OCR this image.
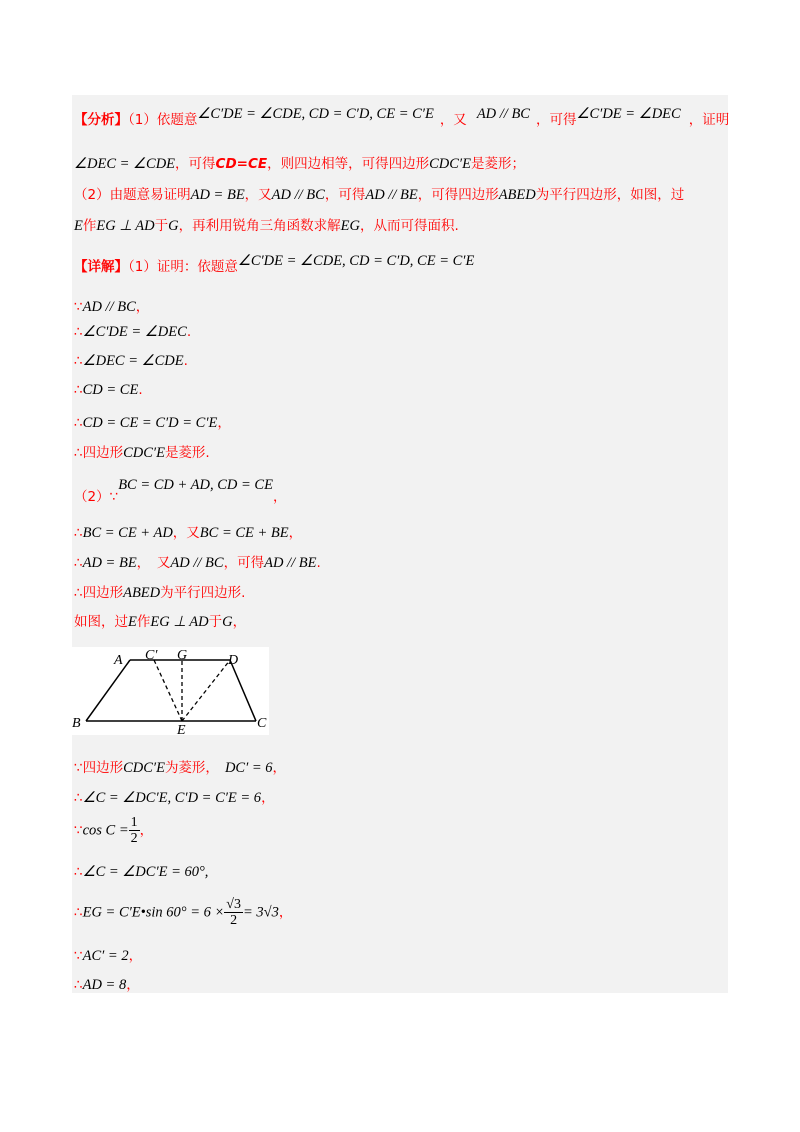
【分析】（1）依题意∠C′DE = ∠CDE, CD = C′D, CE = C′E ，又 AD // BC ，可得∠C′DE = ∠DEC ，证明
∠DEC = ∠CDE，可得CD=CE，则四边相等，可得四边形CDC′E是菱形；
（2）由题意易证明AD = BE，又AD // BC，可得AD // BE，可得四边形ABED为平行四边形，如图，过
E作EG ⊥ AD于G，再利用锐角三角函数求解EG，从而可得面积.
【详解】（1）证明：依题意∠C′DE = ∠CDE, CD = C′D, CE = C′E
∵AD // BC，
∴∠C′DE = ∠DEC.
∴∠DEC = ∠CDE.
∴CD = CE.
∴CD = CE = C′D = C′E，
∴四边形CDC′E是菱形.
（2）∵BC = CD + AD, CD = CE，
∴BC = CE + AD，又BC = CE + BE，
∴AD = BE，　又AD // BC，可得AD // BE.
∴四边形ABED为平行四边形.
如图，过E作EG ⊥ AD于G，
A C′ G	D
B	E	C
∵四边形CDC′E为菱形， DC′ = 6，
∴∠C = ∠DC′E, C′D = C′E = 6，
∵cos $C = \frac{1}{2}$ ，
∴∠C = ∠DC′E = 60°,
∴EG = C′E•sin $60^\circ = 6 \times \frac{√3}{2} = 3√3$，
∵AC′ = 2，
∴AD = 8，
